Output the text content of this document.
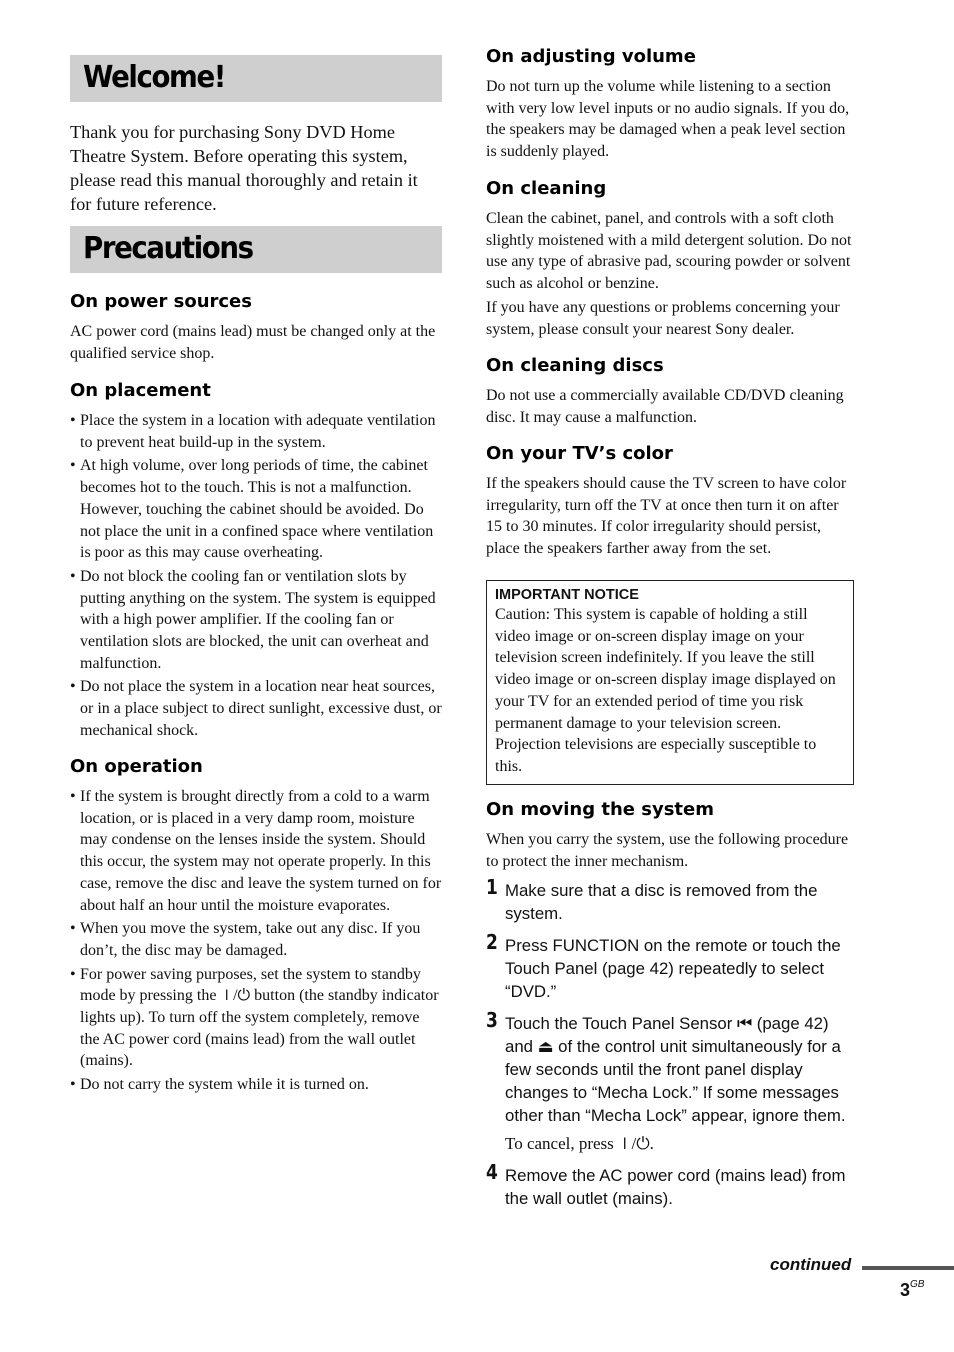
Welcome!

Thank you for purchasing Sony DVD Home Theatre System. Before operating this system, please read this manual thoroughly and retain it for future reference.

Precautions
On power sources

AC power cord (mains lead) must be changed only at the qualified service shop.

On placement
• Place the system in a location with adequate ventilation to prevent heat build-up in the system.
• At high volume, over long periods of time, the cabinet becomes hot to the touch. This is not a malfunction. However, touching the cabinet should be avoided. Do not place the unit in a confined space where ventilation is poor as this may cause overheating.
• Do not block the cooling fan or ventilation slots by putting anything on the system. The system is equipped with a high power amplifier. If the cooling fan or ventilation slots are blocked, the unit can overheat and malfunction.
• Do not place the system in a location near heat sources, or in a place subject to direct sunlight, excessive dust, or mechanical shock.
On operation
• If the system is brought directly from a cold to a warm location, or is placed in a very damp room, moisture may condense on the lenses inside the system. Should this occur, the system may not operate properly. In this case, remove the disc and leave the system turned on for about half an hour until the moisture evaporates.
• When you move the system, take out any disc. If you don’t, the disc may be damaged.
• For power saving purposes, set the system to standby mode by pressing the ⏽/⏻ button (the standby indicator lights up). To turn off the system completely, remove the AC power cord (mains lead) from the wall outlet (mains).
• Do not carry the system while it is turned on.
On adjusting volume

Do not turn up the volume while listening to a section with very low level inputs or no audio signals. If you do, the speakers may be damaged when a peak level section is suddenly played.

On cleaning

Clean the cabinet, panel, and controls with a soft cloth slightly moistened with a mild detergent solution. Do not use any type of abrasive pad, scouring powder or solvent such as alcohol or benzine.

If you have any questions or problems concerning your system, please consult your nearest Sony dealer.

On cleaning discs

Do not use a commercially available CD/DVD cleaning disc. It may cause a malfunction.

On your TV’s color

If the speakers should cause the TV screen to have color irregularity, turn off the TV at once then turn it on after 15 to 30 minutes. If color irregularity should persist, place the speakers farther away from the set.

IMPORTANT NOTICE

Caution: This system is capable of holding a still video image or on-screen display image on your television screen indefinitely. If you leave the still video image or on-screen display image displayed on your TV for an extended period of time you risk permanent damage to your television screen. Projection televisions are especially susceptible to this.

On moving the system

When you carry the system, use the following procedure to protect the inner mechanism.

1 Make sure that a disc is removed from the system.
2 Press FUNCTION on the remote or touch the Touch Panel (page 42) repeatedly to select “DVD.”
3 Touch the Touch Panel Sensor ⏮ (page 42) and ⏏ of the control unit simultaneously for a few seconds until the front panel display changes to “Mecha Lock.” If some messages other than “Mecha Lock” appear, ignore them.
To cancel, press ⏽/⏻.
4 Remove the AC power cord (mains lead) from the wall outlet (mains).
continued
$3^{GB}$
